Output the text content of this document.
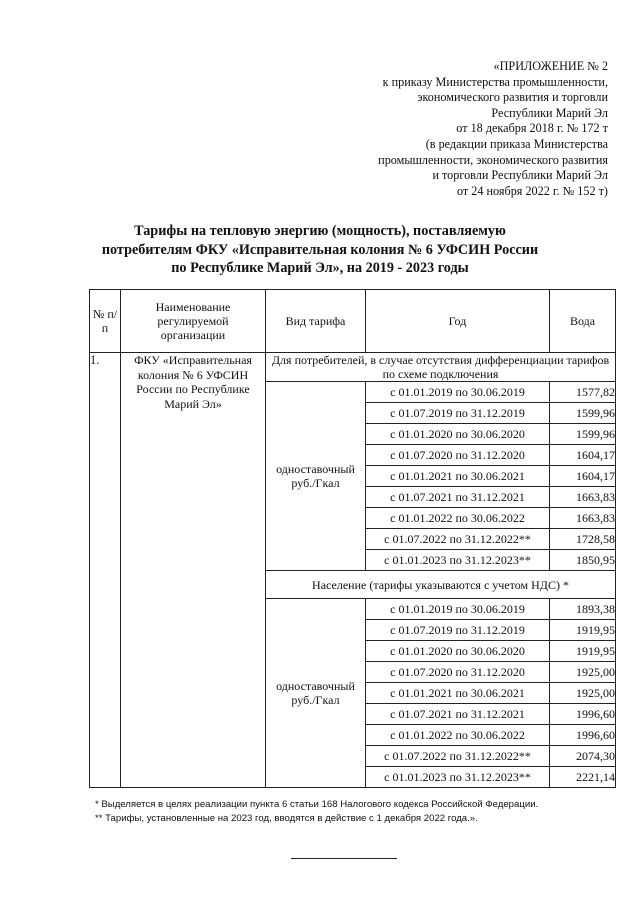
«ПРИЛОЖЕНИЕ № 2
к приказу Министерства промышленности,
экономического развития и торговли
Республики Марий Эл
от 18 декабря 2018 г. № 172 т
(в редакции приказа Министерства
промышленности, экономического развития
и торговли Республики Марий Эл
от 24 ноября 2022 г. № 152 т)
Тарифы на тепловую энергию (мощность), поставляемую
потребителям ФКУ «Исправительная колония № 6 УФСИН России
по Республике Марий Эл», на 2019 - 2023 годы
№ п/п	Наименование регулируемой организации	Вид тарифа	Год	Вода
1.	ФКУ «Исправительная колония № 6 УФСИН России по Республике Марий Эл»	Для потребителей, в случае отсутствия дифференциации тарифов по схеме подключения		
		одноставочный руб./Гкал	с 01.01.2019 по 30.06.2019	1577,82
			с 01.07.2019 по 31.12.2019	1599,96
			с 01.01.2020 по 30.06.2020	1599,96
			с 01.07.2020 по 31.12.2020	1604,17
			с 01.01.2021 по 30.06.2021	1604,17
			с 01.07.2021 по 31.12.2021	1663,83
			с 01.01.2022 по 30.06.2022	1663,83
			с 01.07.2022 по 31.12.2022**	1728,58
			с 01.01.2023 по 31.12.2023**	1850,95
		Население (тарифы указываются с учетом НДС) *		
		одноставочный руб./Гкал	с 01.01.2019 по 30.06.2019	1893,38
			с 01.07.2019 по 31.12.2019	1919,95
			с 01.01.2020 по 30.06.2020	1919,95
			с 01.07.2020 по 31.12.2020	1925,00
			с 01.01.2021 по 30.06.2021	1925,00
			с 01.07.2021 по 31.12.2021	1996,60
			с 01.01.2022 по 30.06.2022	1996,60
			с 01.07.2022 по 31.12.2022**	2074,30
			с 01.01.2023 по 31.12.2023**	2221,14
* Выделяется в целях реализации пункта 6 статьи 168 Налогового кодекса Российской Федерации.
** Тарифы, установленные на 2023 год, вводятся в действие с 1 декабря 2022 года.».
